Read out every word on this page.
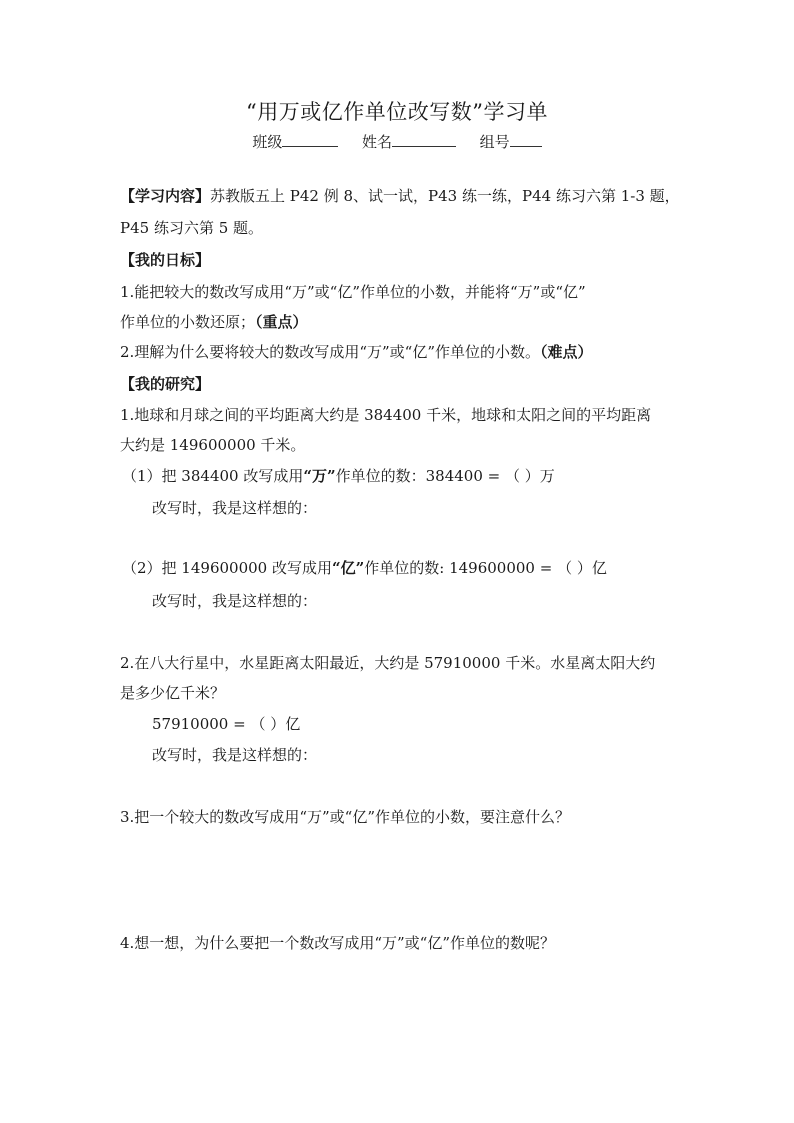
“用万或亿作单位改写数”学习单
班级	姓名	组号
【学习内容】苏教版五上 P42 例 8、试一试，P43 练一练，P44 练习六第 1-3 题，
P45 练习六第 5 题。
【我的日标】
1.能把较大的数改写成用“万”或“亿”作单位的小数，并能将“万”或“亿”
作单位的小数还原；（重点）
2.理解为什么要将较大的数改写成用“万”或“亿”作单位的小数。（难点）
【我的研究】
1.地球和月球之间的平均距离大约是 384400 千米，地球和太阳之间的平均距离
大约是 149600000 千米。
（1）把 384400 改写成用“万”作单位的数：384400 = （ ）万
改写时，我是这样想的：
（2）把 149600000 改写成用“亿”作单位的数: 149600000 = （ ）亿
改写时，我是这样想的：
2.在八大行星中，水星距离太阳最近，大约是 57910000 千米。水星离太阳大约
是多少亿千米？
57910000 = （ ）亿
改写时，我是这样想的：
3.把一个较大的数改写成用“万”或“亿”作单位的小数，要注意什么？
4.想一想，为什么要把一个数改写成用“万”或“亿”作单位的数呢？
